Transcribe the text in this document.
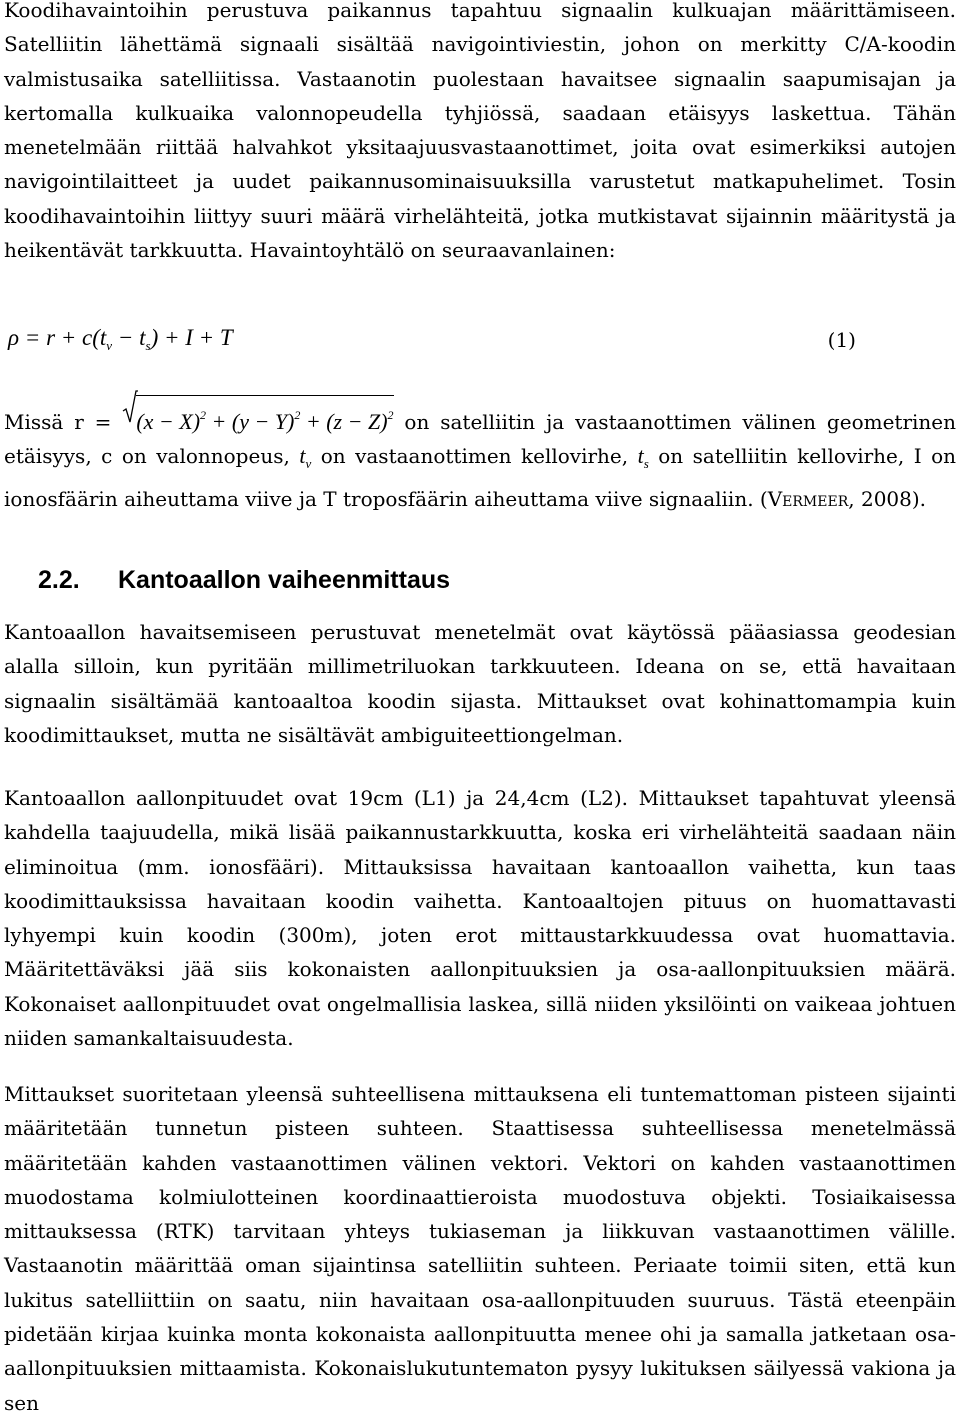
Koodihavaintoihin perustuva paikannus tapahtuu signaalin kulkuajan määrittämiseen. Satelliitin lähettämä signaali sisältää navigointiviestin, johon on merkitty C/A-koodin valmistusaika satelliitissa. Vastaanotin puolestaan havaitsee signaalin saapumisajan ja kertomalla kulkuaika valonnopeudella tyhjiössä, saadaan etäisyys laskettua. Tähän menetelmään riittää halvahkot yksitaajuusvastaanottimet, joita ovat esimerkiksi autojen navigointilaitteet ja uudet paikannusominaisuuksilla varustetut matkapuhelimet. Tosin koodihavaintoihin liittyy suuri määrä virhelähteitä, jotka mutkistavat sijainnin määritystä ja heikentävät tarkkuutta. Havaintoyhtälö on seuraavanlainen:

$\rho = r + c(t_v - t_s) + I + T$	(1)

Missä r =
$(x - X)^2 + (y - Y)^2 + (z - Z)^2$ on satelliitin ja vastaanottimen välinen geometrinen etäisyys, c on valonnopeus, $t_v$ on vastaanottimen kellovirhe, $t_s$ on satelliitin kellovirhe, I on ionosfäärin aiheuttama viive ja T troposfäärin aiheuttama viive signaaliin. (Vermeer, 2008).

2.2. Kantoaallon vaiheenmittaus

Kantoaallon havaitsemiseen perustuvat menetelmät ovat käytössä pääasiassa geodesian alalla silloin, kun pyritään millimetriluokan tarkkuuteen. Ideana on se, että havaitaan signaalin sisältämää kantoaaltoa koodin sijasta. Mittaukset ovat kohinattomampia kuin koodimittaukset, mutta ne sisältävät ambiguiteettiongelman.

Kantoaallon aallonpituudet ovat 19cm (L1) ja 24,4cm (L2). Mittaukset tapahtuvat yleensä kahdella taajuudella, mikä lisää paikannustarkkuutta, koska eri virhelähteitä saadaan näin eliminoitua (mm. ionosfääri). Mittauksissa havaitaan kantoaallon vaihetta, kun taas koodimittauksissa havaitaan koodin vaihetta. Kantoaaltojen pituus on huomattavasti lyhyempi kuin koodin (300m), joten erot mittaustarkkuudessa ovat huomattavia. Määritettäväksi jää siis kokonaisten aallonpituuksien ja osa-aallonpituuksien määrä. Kokonaiset aallonpituudet ovat ongelmallisia laskea, sillä niiden yksilöinti on vaikeaa johtuen niiden samankaltaisuudesta.

Mittaukset suoritetaan yleensä suhteellisena mittauksena eli tuntemattoman pisteen sijainti määritetään tunnetun pisteen suhteen. Staattisessa suhteellisessa menetelmässä määritetään kahden vastaanottimen välinen vektori. Vektori on kahden vastaanottimen muodostama kolmiulotteinen koordinaattieroista muodostuva objekti. Tosiaikaisessa mittauksessa (RTK) tarvitaan yhteys tukiaseman ja liikkuvan vastaanottimen välille. Vastaanotin määrittää oman sijaintinsa satelliitin suhteen. Periaate toimii siten, että kun lukitus satelliittiin on saatu, niin havaitaan osa-aallonpituuden suuruus. Tästä eteenpäin pidetään kirjaa kuinka monta kokonaista aallonpituutta menee ohi ja samalla jatketaan osa-aallonpituuksien mittaamista. Kokonaislukutuntematon pysyy lukituksen säilyessä vakiona ja sen
